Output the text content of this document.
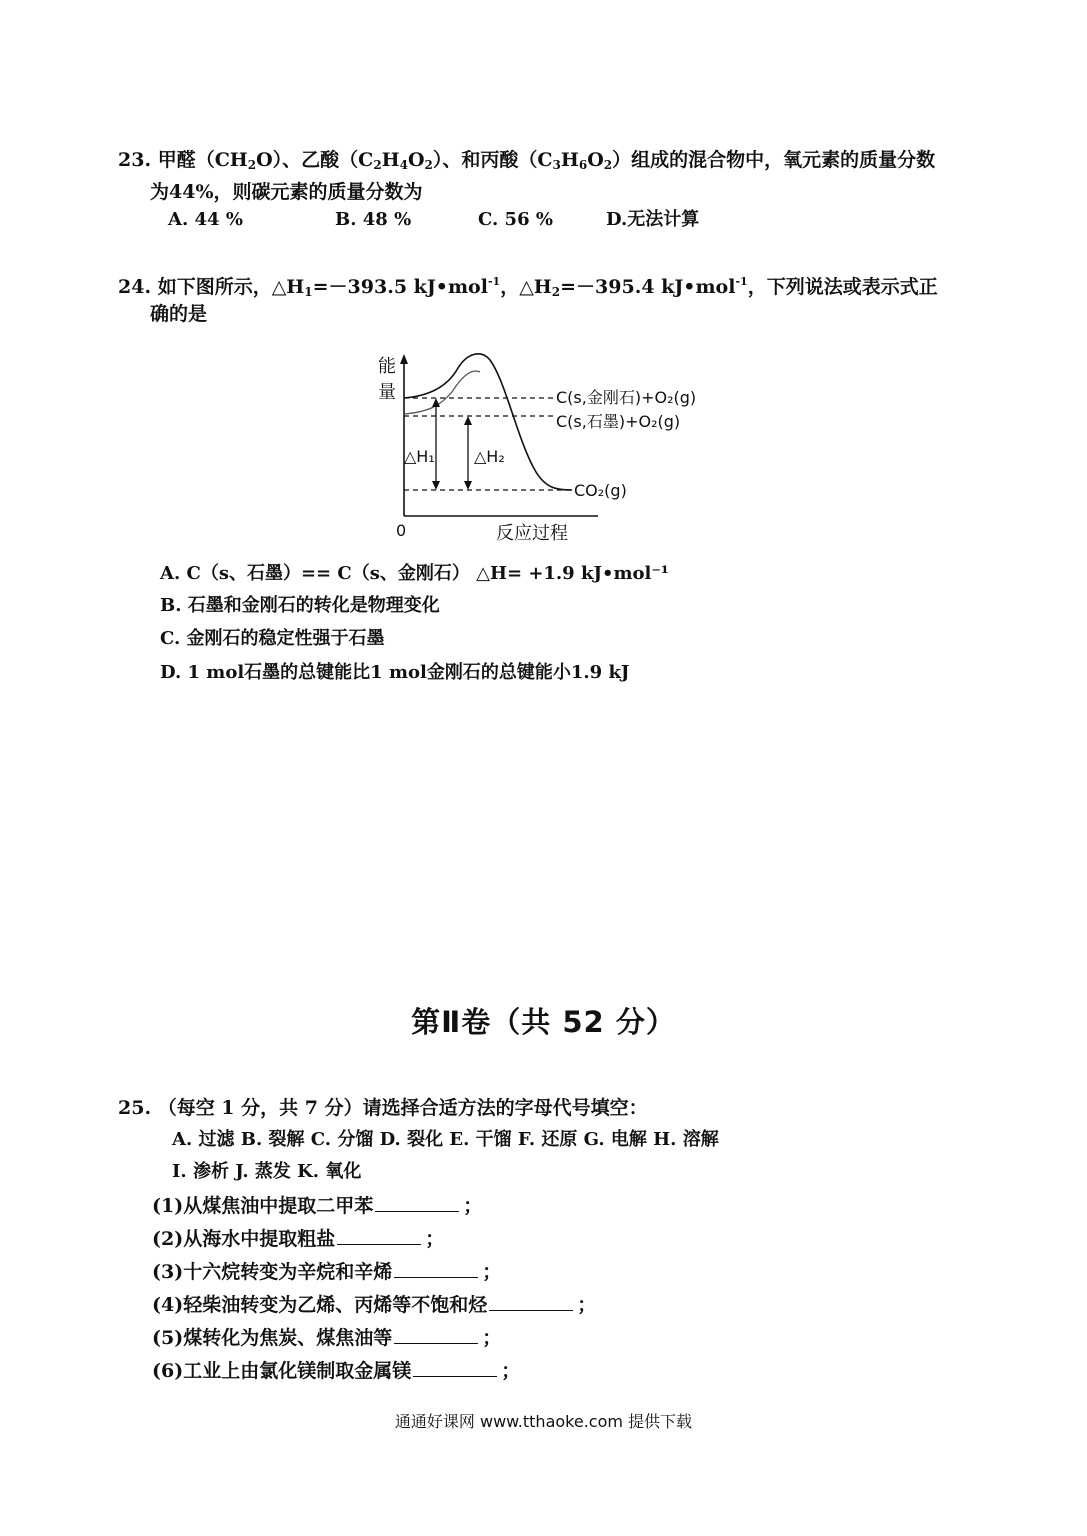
23. 甲醛$(CH_2O)$、乙酸$(C_2H_4O_2)$、和丙酸$(C_3H_6O_2)$组成的混合物中，氧元素的质量分数
为44%，则碳元素的质量分数为
A. 44 %	B. 48 %	C. 56 %	D.无法计算
24. 如下图所示，$\triangle H_1=-393.5$ kJ•mol$^{-1}$，$\triangle H_2=-395.4$ kJ•mol$^{-1}$，下列说法或表示式正
确的是
能
量
0	反应过程
△H₁ △H₂
C(s,金刚石)+O₂(g)
C(s,石墨)+O₂(g)
CO₂(g)
A. C（s、石墨）== C（s、金刚石） △H= +1.9 kJ•mol⁻¹
B. 石墨和金刚石的转化是物理变化
C. 金刚石的稳定性强于石墨
D. 1 mol石墨的总键能比1 mol金刚石的总键能小1.9 kJ
第Ⅱ卷（共 52 分）
25. （每空 1 分，共 7 分）请选择合适方法的字母代号填空：
A. 过滤 B. 裂解 C. 分馏 D. 裂化 E. 干馏 F. 还原 G. 电解 H. 溶解
I. 渗析 J. 蒸发 K. 氧化
(1)从煤焦油中提取二甲苯	；
(2)从海水中提取粗盐	；
(3)十六烷转变为辛烷和辛烯	；
(4)轻柴油转变为乙烯、丙烯等不饱和烃	；
(5)煤转化为焦炭、煤焦油等	；
(6)工业上由氯化镁制取金属镁	；
通通好课网 www.tthaoke.com 提供下载
